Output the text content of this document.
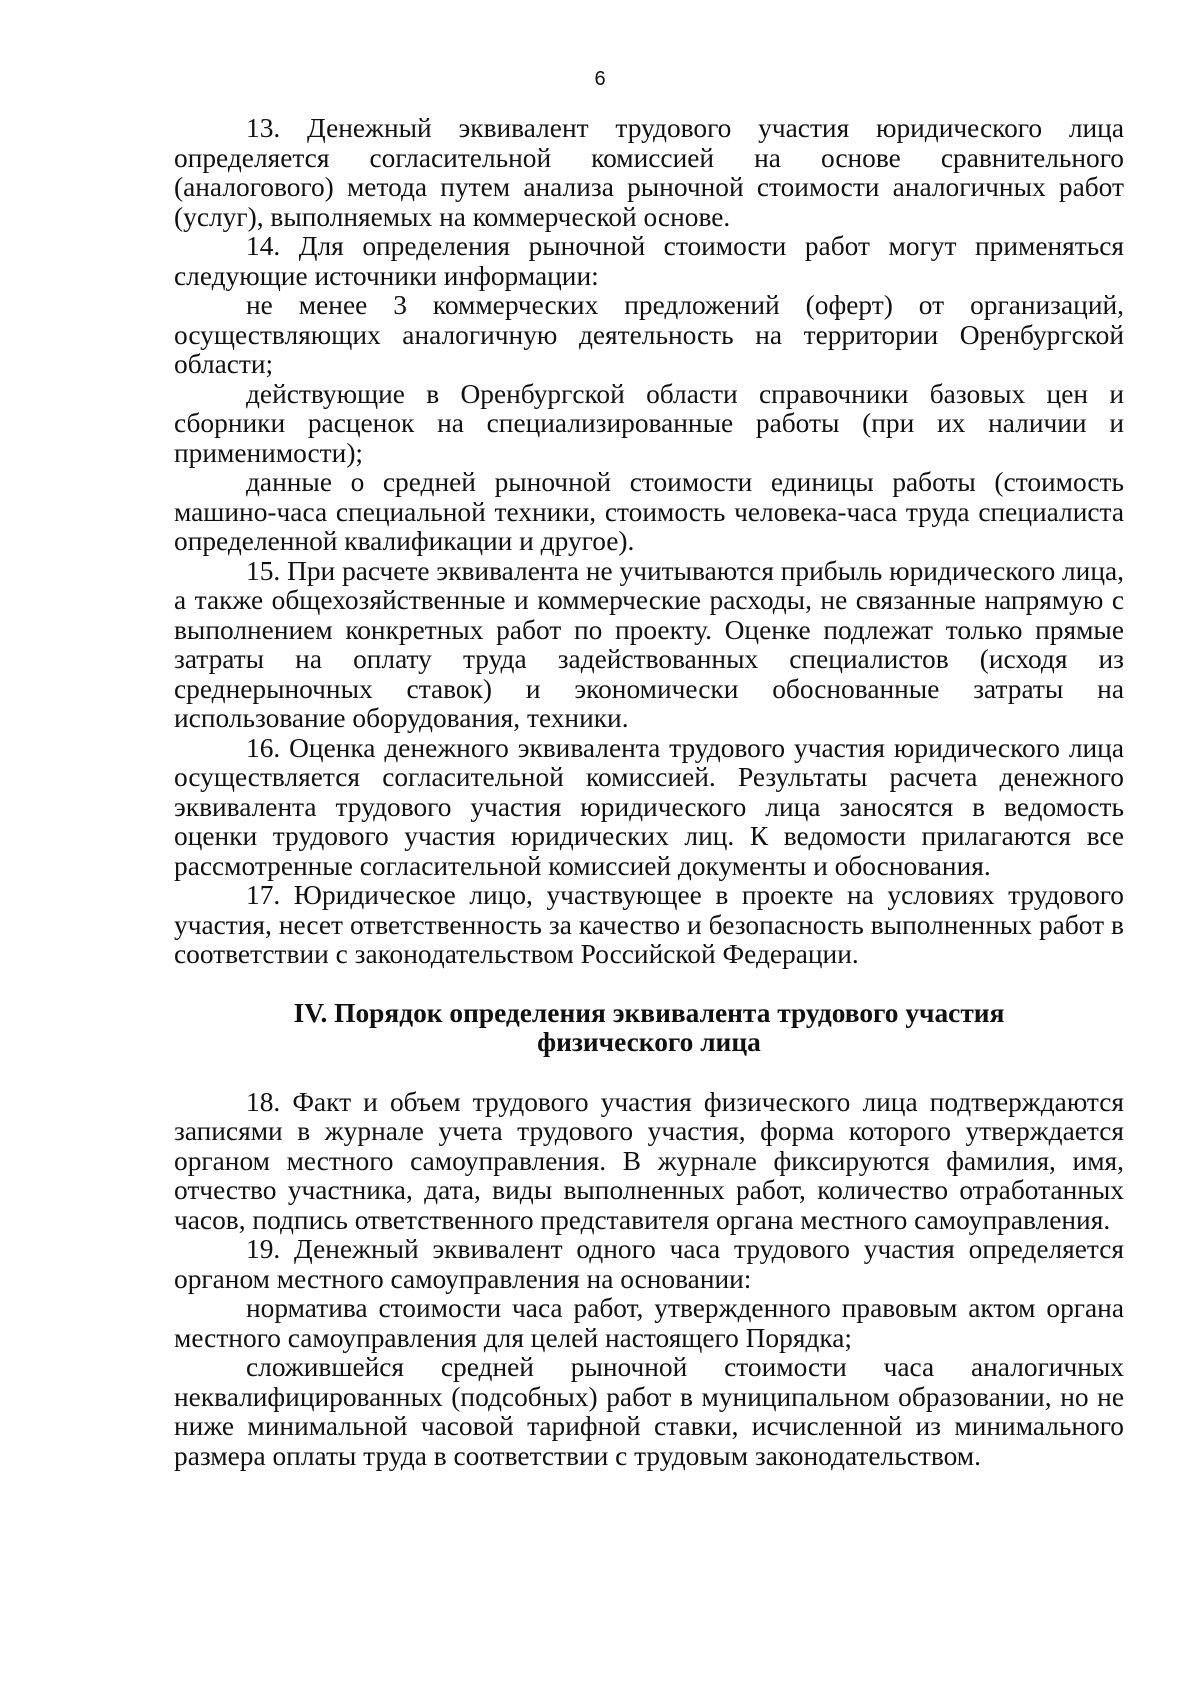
6

13. Денежный эквивалент трудового участия юридического лица определяется согласительной комиссией на основе сравнительного (аналогового) метода путем анализа рыночной стоимости аналогичных работ (услуг), выполняемых на коммерческой основе.

14. Для определения рыночной стоимости работ могут применяться следующие источники информации:

не менее 3 коммерческих предложений (оферт) от организаций, осуществляющих аналогичную деятельность на территории Оренбургской области;

действующие в Оренбургской области справочники базовых цен и сборники расценок на специализированные работы (при их наличии и применимости);

данные о средней рыночной стоимости единицы работы (стоимость машино-часа специальной техники, стоимость человека-часа труда специалиста определенной квалификации и другое).

15. При расчете эквивалента не учитываются прибыль юридического лица, а также общехозяйственные и коммерческие расходы, не связанные напрямую с выполнением конкретных работ по проекту. Оценке подлежат только прямые затраты на оплату труда задействованных специалистов (исходя из среднерыночных ставок) и экономически обоснованные затраты на использование оборудования, техники.

16. Оценка денежного эквивалента трудового участия юридического лица осуществляется согласительной комиссией. Результаты расчета денежного эквивалента трудового участия юридического лица заносятся в ведомость оценки трудового участия юридических лиц. К ведомости прилагаются все рассмотренные согласительной комиссией документы и обоснования.

17. Юридическое лицо, участвующее в проекте на условиях трудового участия, несет ответственность за качество и безопасность выполненных работ в соответствии с законодательством Российской Федерации.

IV. Порядок определения эквивалента трудового участия
физического лица

18. Факт и объем трудового участия физического лица подтверждаются записями в журнале учета трудового участия, форма которого утверждается органом местного самоуправления. В журнале фиксируются фамилия, имя, отчество участника, дата, виды выполненных работ, количество отработанных часов, подпись ответственного представителя органа местного самоуправления.

19. Денежный эквивалент одного часа трудового участия определяется органом местного самоуправления на основании:

норматива стоимости часа работ, утвержденного правовым актом органа местного самоуправления для целей настоящего Порядка;

сложившейся средней рыночной стоимости часа аналогичных неквалифицированных (подсобных) работ в муниципальном образовании, но не ниже минимальной часовой тарифной ставки, исчисленной из минимального размера оплаты труда в соответствии с трудовым законодательством.
